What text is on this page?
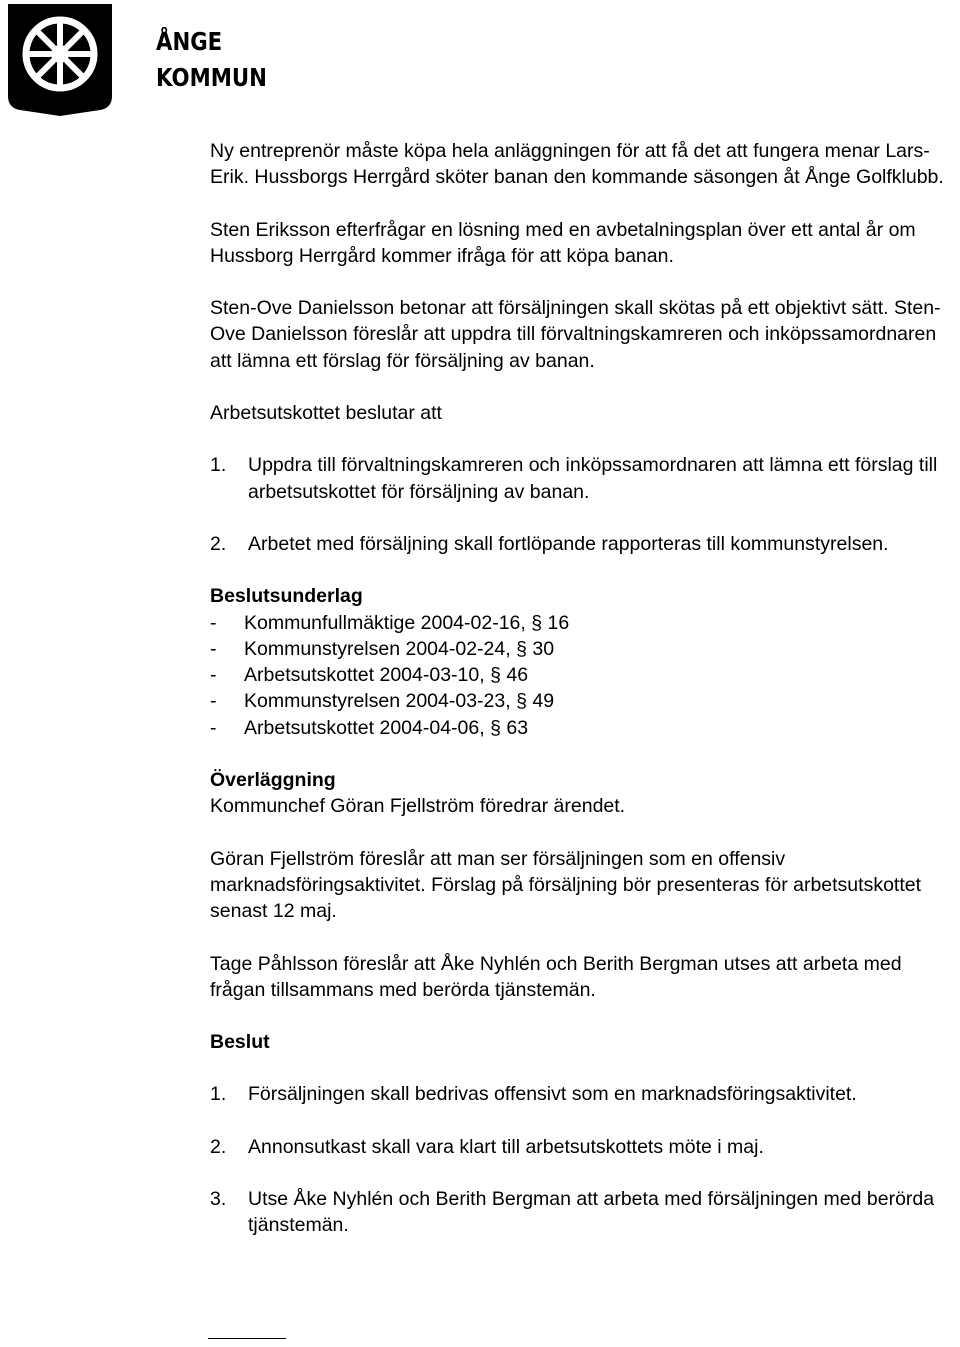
ÅNGE
KOMMUN

Ny entreprenör måste köpa hela anläggningen för att få det att fungera menar Lars-Erik. Hussborgs Herrgård sköter banan den kommande säsongen åt Ånge Golfklubb.

Sten Eriksson efterfrågar en lösning med en avbetalningsplan över ett antal år om Hussborg Herrgård kommer ifråga för att köpa banan.

Sten-Ove Danielsson betonar att försäljningen skall skötas på ett objektivt sätt. Sten-Ove Danielsson föreslår att uppdra till förvaltningskamreren och inköpssamordnaren att lämna ett förslag för försäljning av banan.

Arbetsutskottet beslutar att

1.	Uppdra till förvaltningskamreren och inköpssamordnaren att lämna ett förslag till arbetsutskottet för försäljning av banan.
2.	Arbetet med försäljning skall fortlöpande rapporteras till kommunstyrelsen.

Beslutsunderlag

-	Kommunfullmäktige 2004-02-16, § 16
-	Kommunstyrelsen 2004-02-24, § 30
-	Arbetsutskottet 2004-03-10, § 46
-	Kommunstyrelsen 2004-03-23, § 49
-	Arbetsutskottet 2004-04-06, § 63

Överläggning

Kommunchef Göran Fjellström föredrar ärendet.

Göran Fjellström föreslår att man ser försäljningen som en offensiv marknadsföringsaktivitet. Förslag på försäljning bör presenteras för arbetsutskottet senast 12 maj.

Tage Påhlsson föreslår att Åke Nyhlén och Berith Bergman utses att arbeta med frågan tillsammans med berörda tjänstemän.

Beslut

1.	Försäljningen skall bedrivas offensivt som en marknadsföringsaktivitet.
2.	Annonsutkast skall vara klart till arbetsutskottets möte i maj.
3.	Utse Åke Nyhlén och Berith Bergman att arbeta med försäljningen med berörda tjänstemän.
